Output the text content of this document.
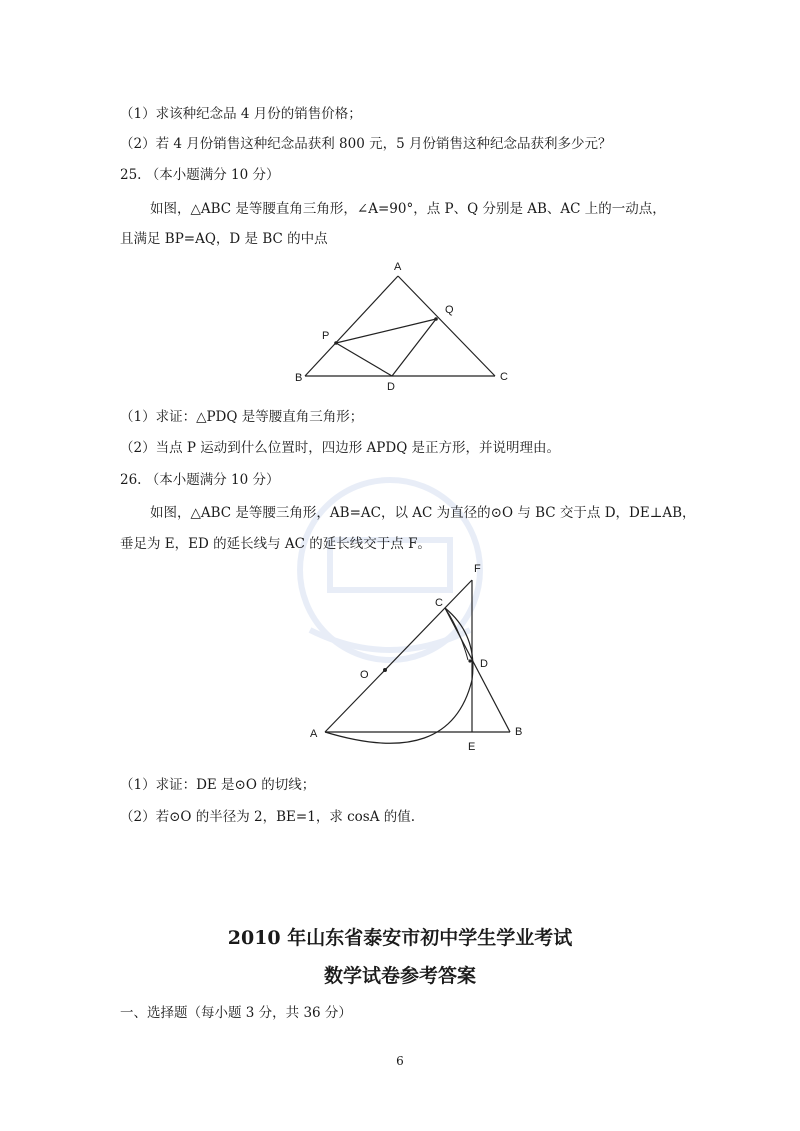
（1）求该种纪念品 4 月份的销售价格；
（2）若 4 月份销售这种纪念品获利 800 元，5 月份销售这种纪念品获利多少元？
25. （本小题满分 10 分）
如图，△ABC 是等腰直角三角形，∠A=90°，点 P、Q 分别是 AB、AC 上的一动点，
且满足 BP=AQ，D 是 BC 的中点
A
B	C
P
Q
D
（1）求证：△PDQ 是等腰直角三角形；
（2）当点 P 运动到什么位置时，四边形 APDQ 是正方形，并说明理由。
26. （本小题满分 10 分）
如图，△ABC 是等腰三角形，AB=AC，以 AC 为直径的⊙O 与 BC 交于点 D，DE⊥AB，
垂足为 E，ED 的延长线与 AC 的延长线交于点 F。
F
C
D
O
A
E
B
（1）求证：DE 是⊙O 的切线；
（2）若⊙O 的半径为 2，BE=1，求 cosA 的值.
2010 年山东省泰安市初中学生学业考试
数学试卷参考答案
一、选择题（每小题 3 分，共 36 分）
6
